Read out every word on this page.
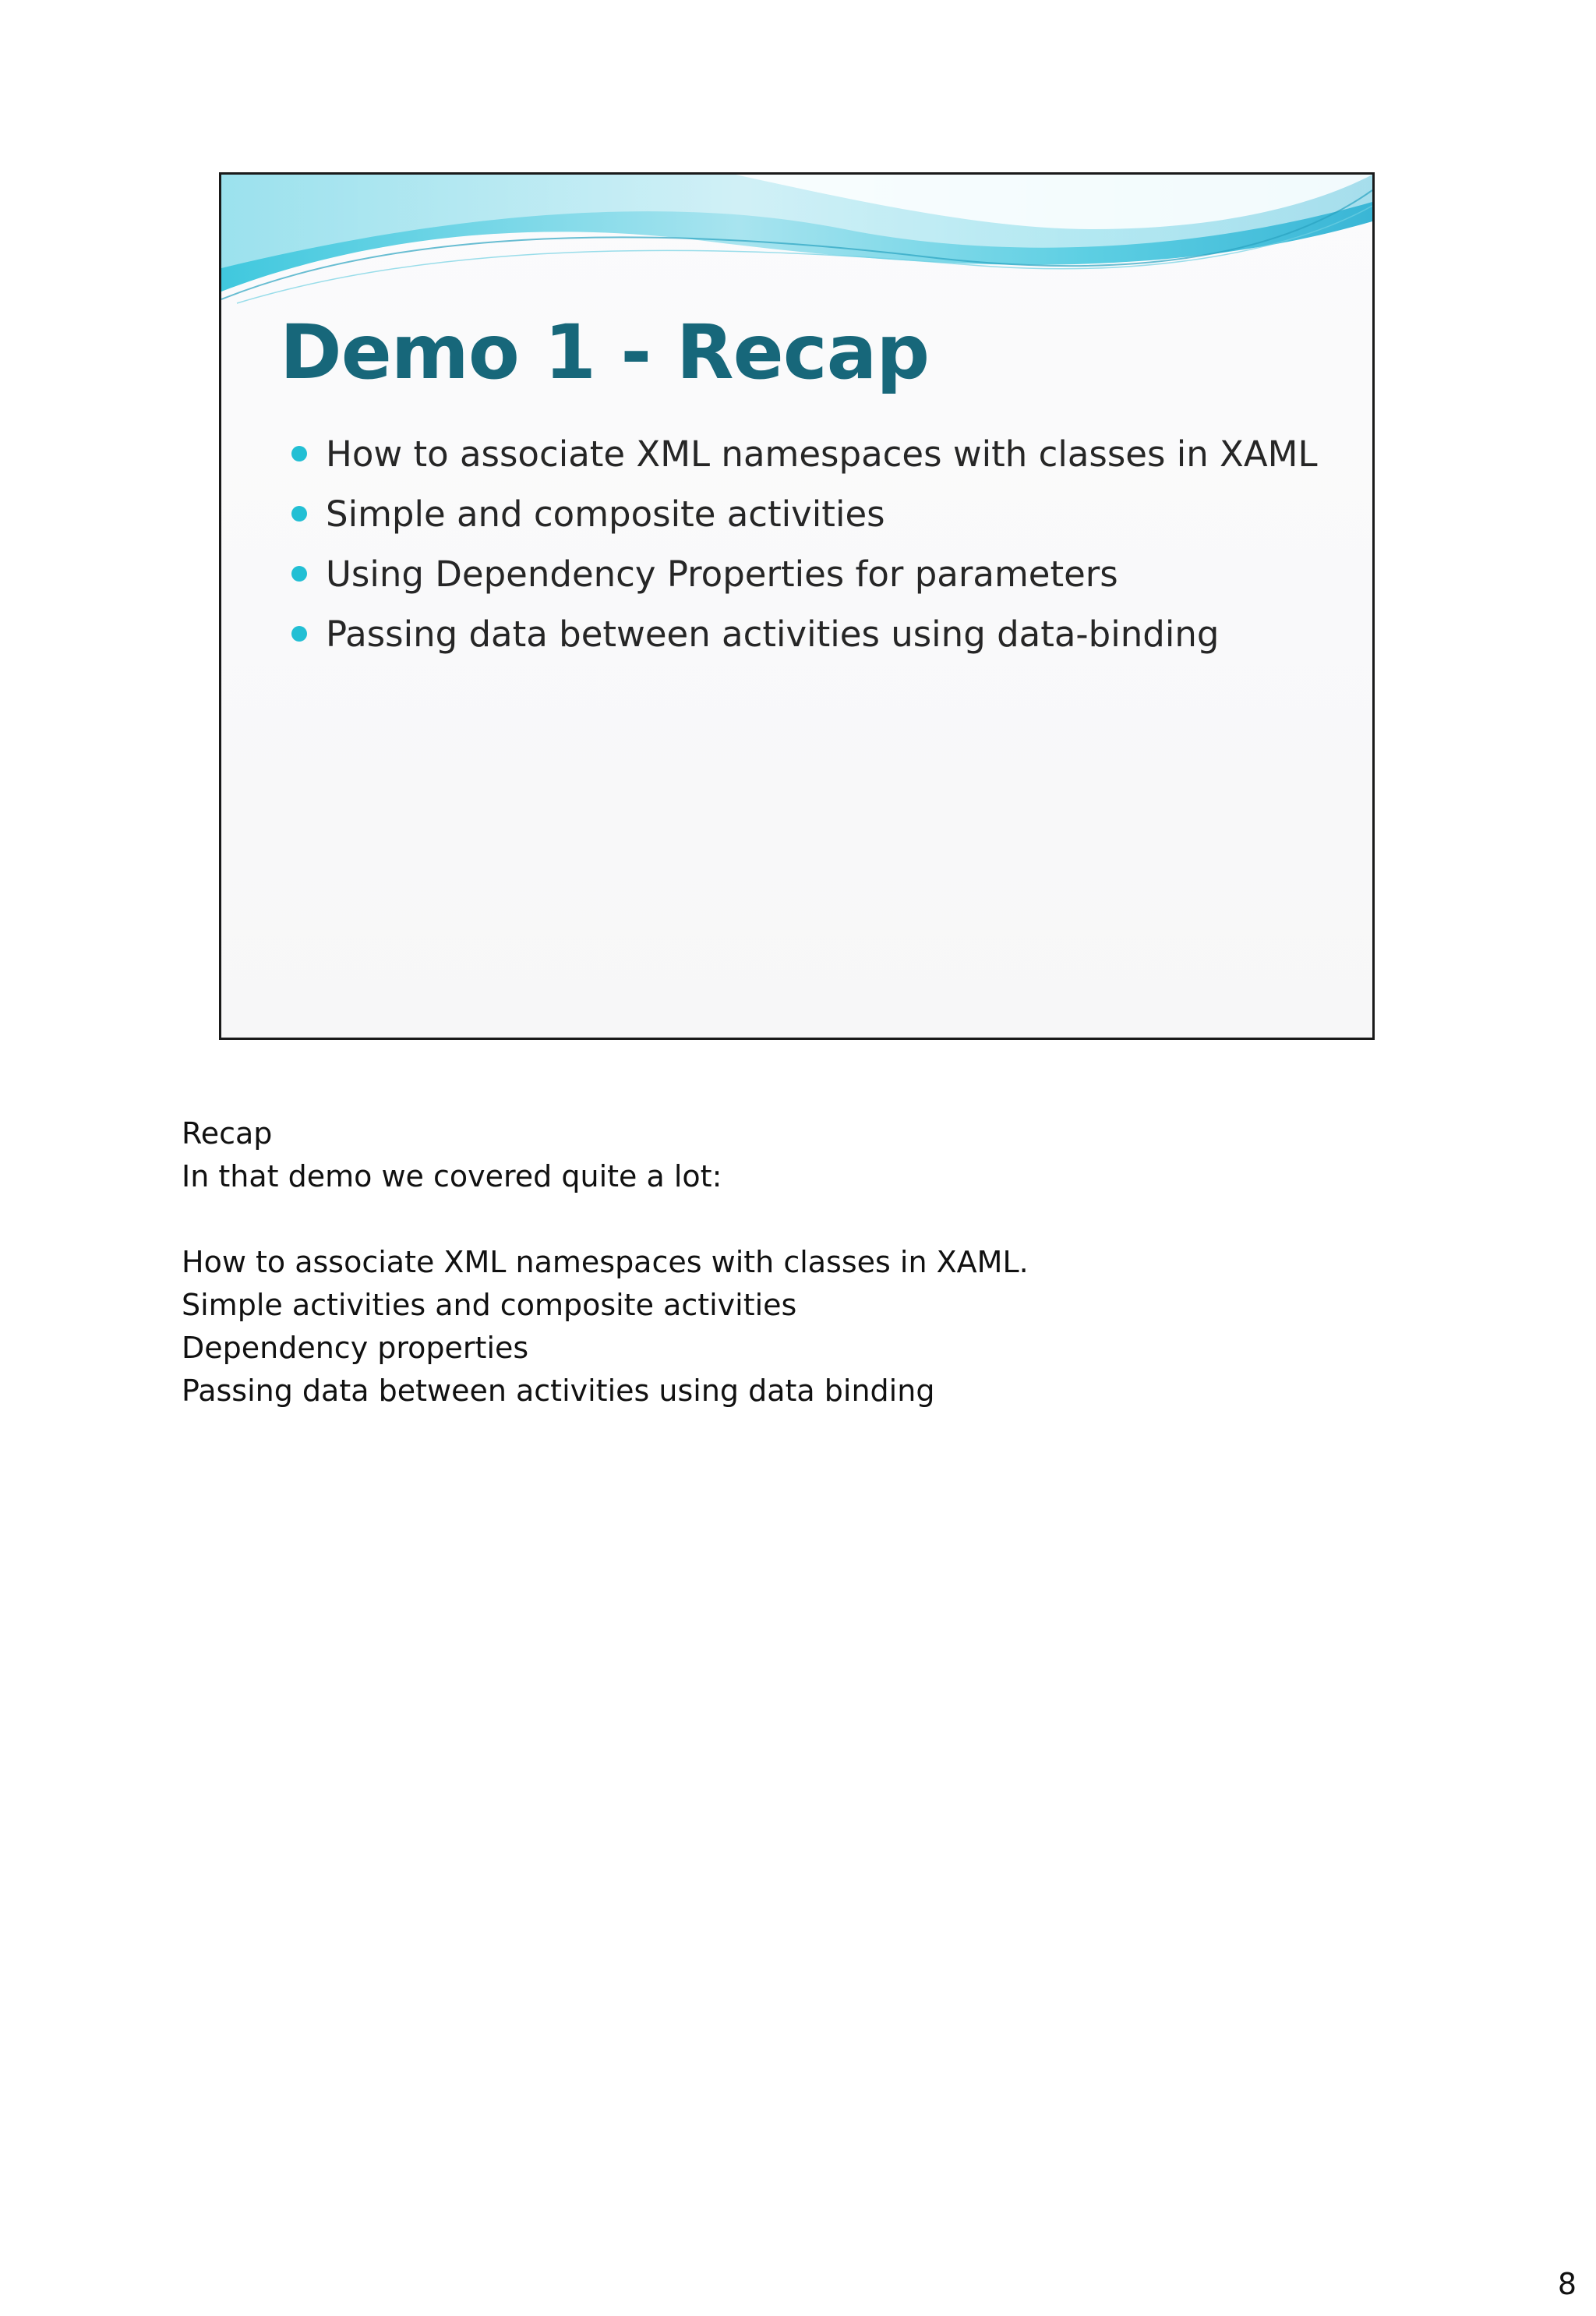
Demo 1 - Recap
How to associate XML namespaces with classes in XAML
Simple and composite activities
Using Dependency Properties for parameters
Passing data between activities using data-binding
Recap
In that demo we covered quite a lot:
How to associate XML namespaces with classes in XAML.
Simple activities and composite activities
Dependency properties
Passing data between activities using data binding
8
